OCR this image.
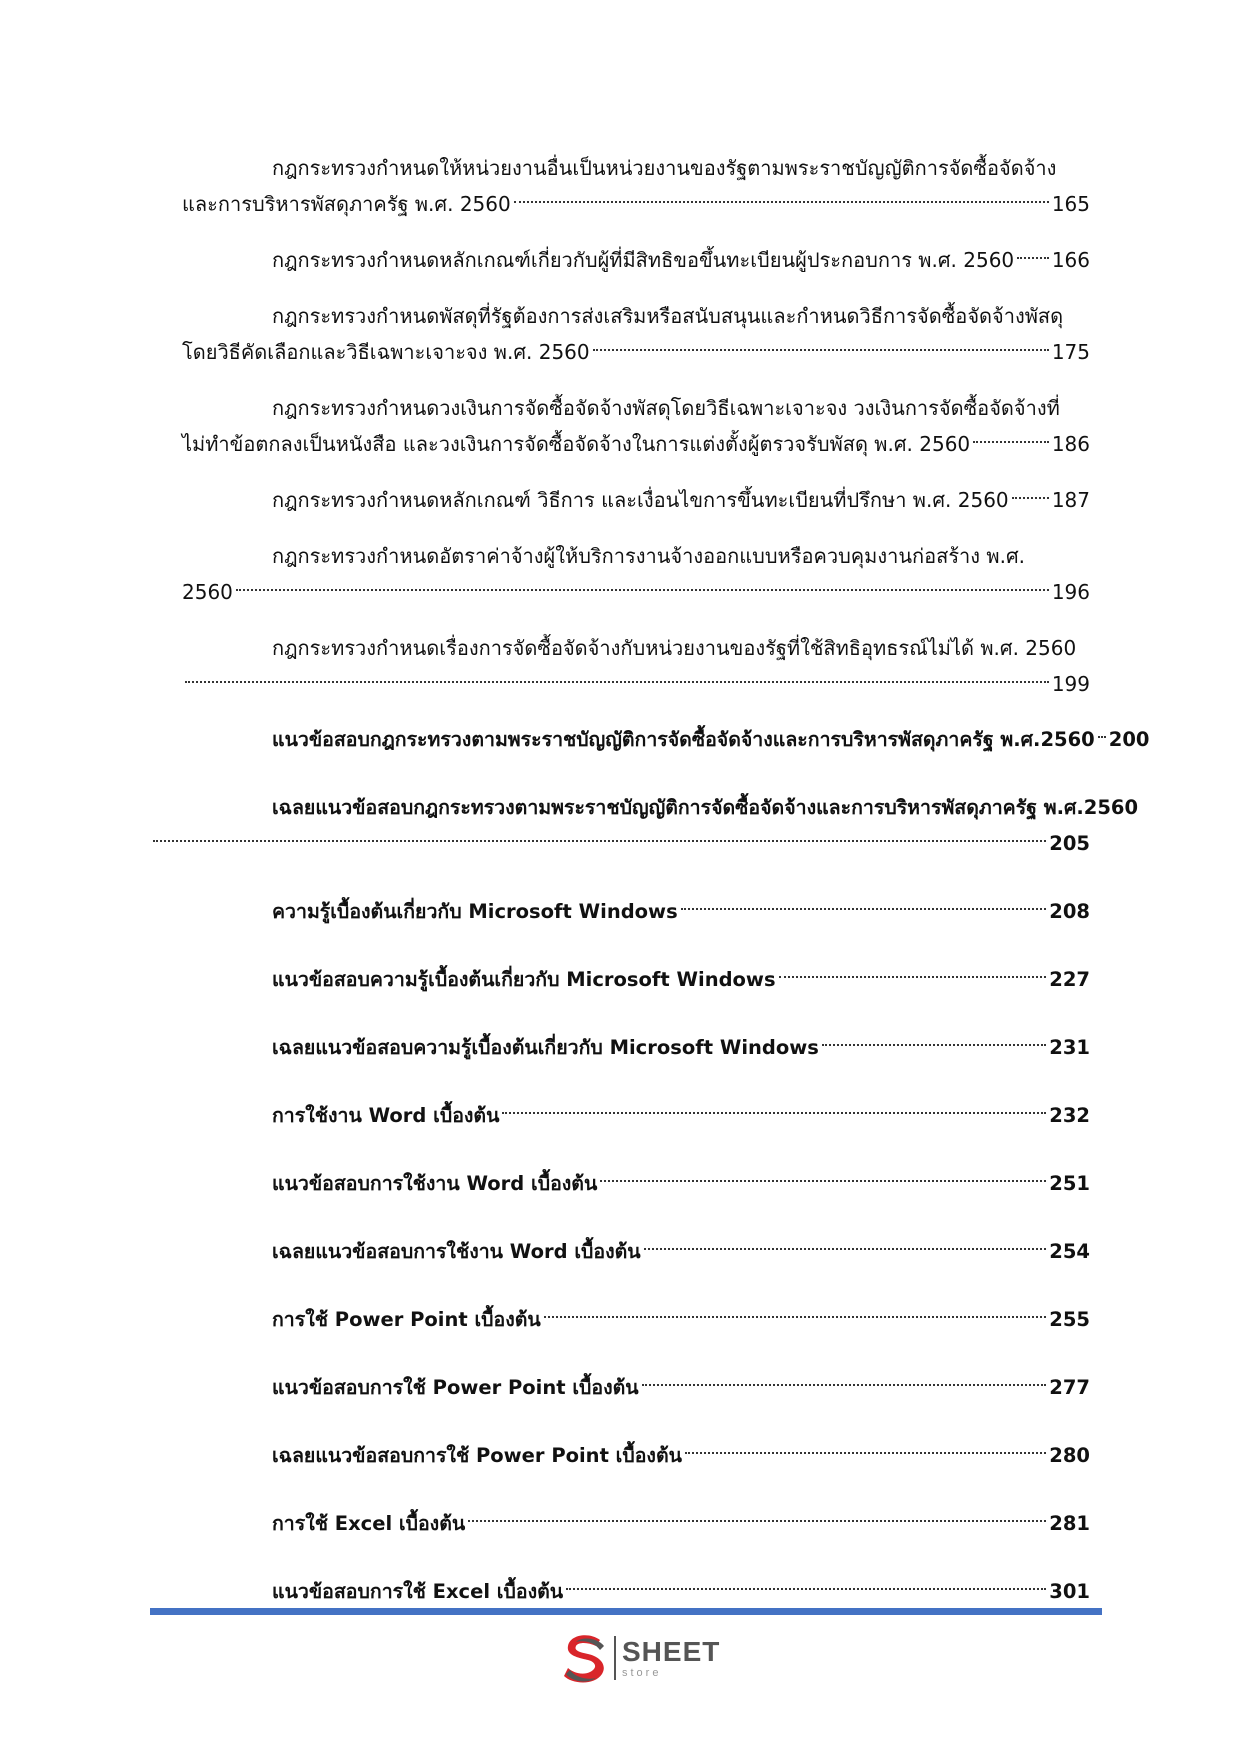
กฎกระทรวงกำหนดให้หน่วยงานอื่นเป็นหน่วยงานของรัฐตามพระราชบัญญัติการจัดซื้อจัดจ้าง
และการบริหารพัสดุภาครัฐ พ.ศ. 2560	165
กฎกระทรวงกำหนดหลักเกณฑ์เกี่ยวกับผู้ที่มีสิทธิขอขึ้นทะเบียนผู้ประกอบการ พ.ศ. 2560 166
กฎกระทรวงกำหนดพัสดุที่รัฐต้องการส่งเสริมหรือสนับสนุนและกำหนดวิธีการจัดซื้อจัดจ้างพัสดุ
โดยวิธีคัดเลือกและวิธีเฉพาะเจาะจง พ.ศ. 2560	175
กฎกระทรวงกำหนดวงเงินการจัดซื้อจัดจ้างพัสดุโดยวิธีเฉพาะเจาะจง วงเงินการจัดซื้อจัดจ้างที่
ไม่ทำข้อตกลงเป็นหนังสือ และวงเงินการจัดซื้อจัดจ้างในการแต่งตั้งผู้ตรวจรับพัสดุ พ.ศ. 2560	186
กฎกระทรวงกำหนดหลักเกณฑ์ วิธีการ และเงื่อนไขการขึ้นทะเบียนที่ปรึกษา พ.ศ. 2560 187
กฎกระทรวงกำหนดอัตราค่าจ้างผู้ให้บริการงานจ้างออกแบบหรือควบคุมงานก่อสร้าง พ.ศ.
2560	196
กฎกระทรวงกำหนดเรื่องการจัดซื้อจัดจ้างกับหน่วยงานของรัฐที่ใช้สิทธิอุทธรณ์ไม่ได้ พ.ศ. 2560
199
แนวข้อสอบกฎกระทรวงตามพระราชบัญญัติการจัดซื้อจัดจ้างและการบริหารพัสดุภาครัฐ พ.ศ.2560 200
เฉลยแนวข้อสอบกฎกระทรวงตามพระราชบัญญัติการจัดซื้อจัดจ้างและการบริหารพัสดุภาครัฐ พ.ศ.2560
205
ความรู้เบื้องต้นเกี่ยวกับ Microsoft Windows	208
แนวข้อสอบความรู้เบื้องต้นเกี่ยวกับ Microsoft Windows	227
เฉลยแนวข้อสอบความรู้เบื้องต้นเกี่ยวกับ Microsoft Windows	231
การใช้งาน Word เบื้องต้น	232
แนวข้อสอบการใช้งาน Word เบื้องต้น	251
เฉลยแนวข้อสอบการใช้งาน Word เบื้องต้น	254
การใช้ Power Point เบื้องต้น	255
แนวข้อสอบการใช้ Power Point เบื้องต้น	277
เฉลยแนวข้อสอบการใช้ Power Point เบื้องต้น	280
การใช้ Excel เบื้องต้น	281
แนวข้อสอบการใช้ Excel เบื้องต้น	301
SHEET
store
